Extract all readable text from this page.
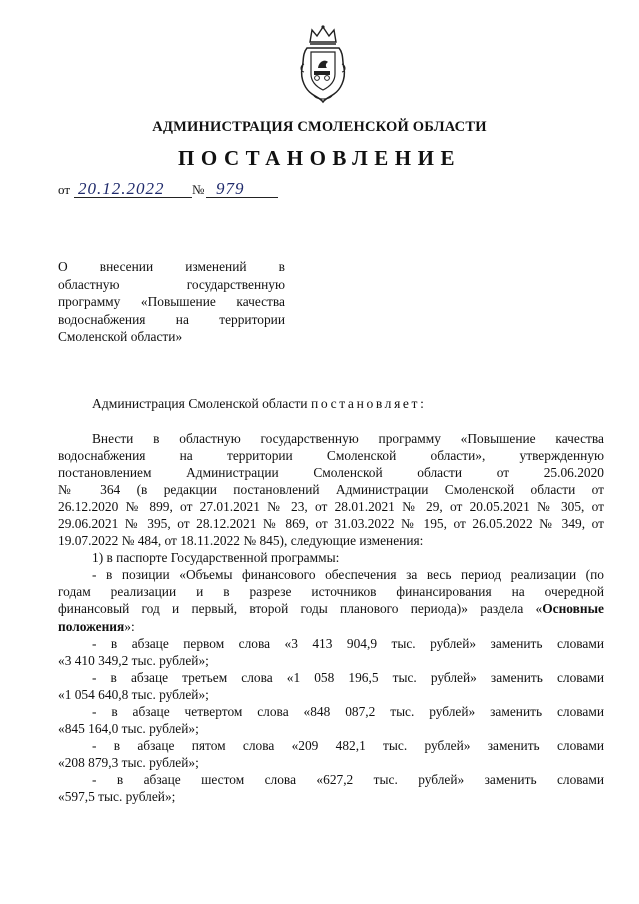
АДМИНИСТРАЦИЯ СМОЛЕНСКОЙ ОБЛАСТИ
ПОСТАНОВЛЕНИЕ
от 20.12.2022 № 979

О внесении изменений в

областную государственную

программу «Повышение качества

водоснабжения на территории

Смоленской области»

Администрация Смоленской области постановляет:
Внести в областную государственную программу «Повышение качества
водоснабжения на территории Смоленской области», утвержденную
постановлением Администрации Смоленской области от 25.06.2020
№ 364 (в редакции постановлений Администрации Смоленской области от
26.12.2020 № 899, от 27.01.2021 № 23, от 28.01.2021 № 29, от 20.05.2021 № 305, от
29.06.2021 № 395, от 28.12.2021 № 869, от 31.03.2022 № 195, от 26.05.2022 № 349, от
19.07.2022 № 484, от 18.11.2022 № 845), следующие изменения:
1) в паспорте Государственной программы:
- в позиции «Объемы финансового обеспечения за весь период реализации (по
годам реализации и в разрезе источников финансирования на очередной
финансовый год и первый, второй годы планового периода)» раздела «Основные
положения»:
- в абзаце первом слова «3 413 904,9 тыс. рублей» заменить словами
«3 410 349,2 тыс. рублей»;
- в абзаце третьем слова «1 058 196,5 тыс. рублей» заменить словами
«1 054 640,8 тыс. рублей»;
- в абзаце четвертом слова «848 087,2 тыс. рублей» заменить словами
«845 164,0 тыс. рублей»;
- в абзаце пятом слова «209 482,1 тыс. рублей» заменить словами
«208 879,3 тыс. рублей»;
- в абзаце шестом слова «627,2 тыс. рублей» заменить словами
«597,5 тыс. рублей»;
